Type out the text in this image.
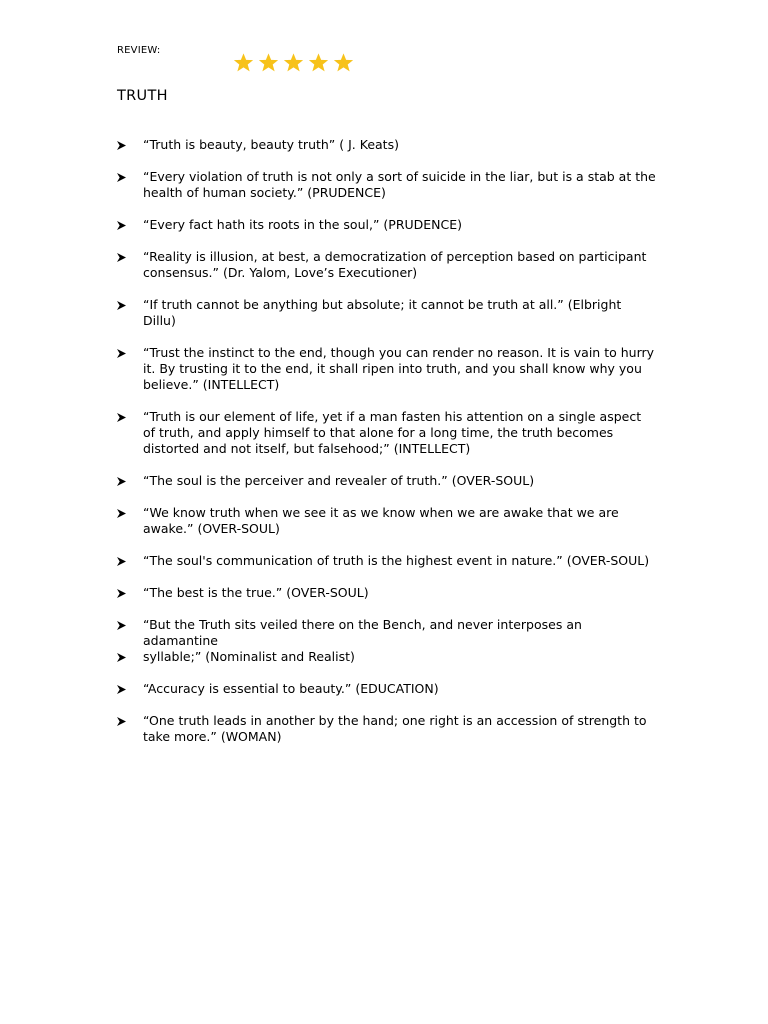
REVIEW:
TRUTH
“Truth is beauty, beauty truth” ( J. Keats)
“Every violation of truth is not only a sort of suicide in the liar, but is a stab at the health of human society.” (PRUDENCE)
“Every fact hath its roots in the soul,” (PRUDENCE)
“Reality is illusion, at best, a democratization of perception based on participant consensus.” (Dr. Yalom, Love’s Executioner)
“If truth cannot be anything but absolute; it cannot be truth at all.” (Elbright Dillu)
“Trust the instinct to the end, though you can render no reason. It is vain to hurry it. By trusting it to the end, it shall ripen into truth, and you shall know why you believe.” (INTELLECT)
“Truth is our element of life, yet if a man fasten his attention on a single aspect of truth, and apply himself to that alone for a long time, the truth becomes distorted and not itself, but falsehood;” (INTELLECT)
“The soul is the perceiver and revealer of truth.” (OVER-SOUL)
“We know truth when we see it as we know when we are awake that we are awake.” (OVER-SOUL)
“The soul's communication of truth is the highest event in nature.” (OVER-SOUL)
“The best is the true.” (OVER-SOUL)
“But the Truth sits veiled there on the Bench, and never interposes an adamantine
syllable;” (Nominalist and Realist)
“Accuracy is essential to beauty.” (EDUCATION)
“One truth leads in another by the hand; one right is an accession of strength to take more.” (WOMAN)
